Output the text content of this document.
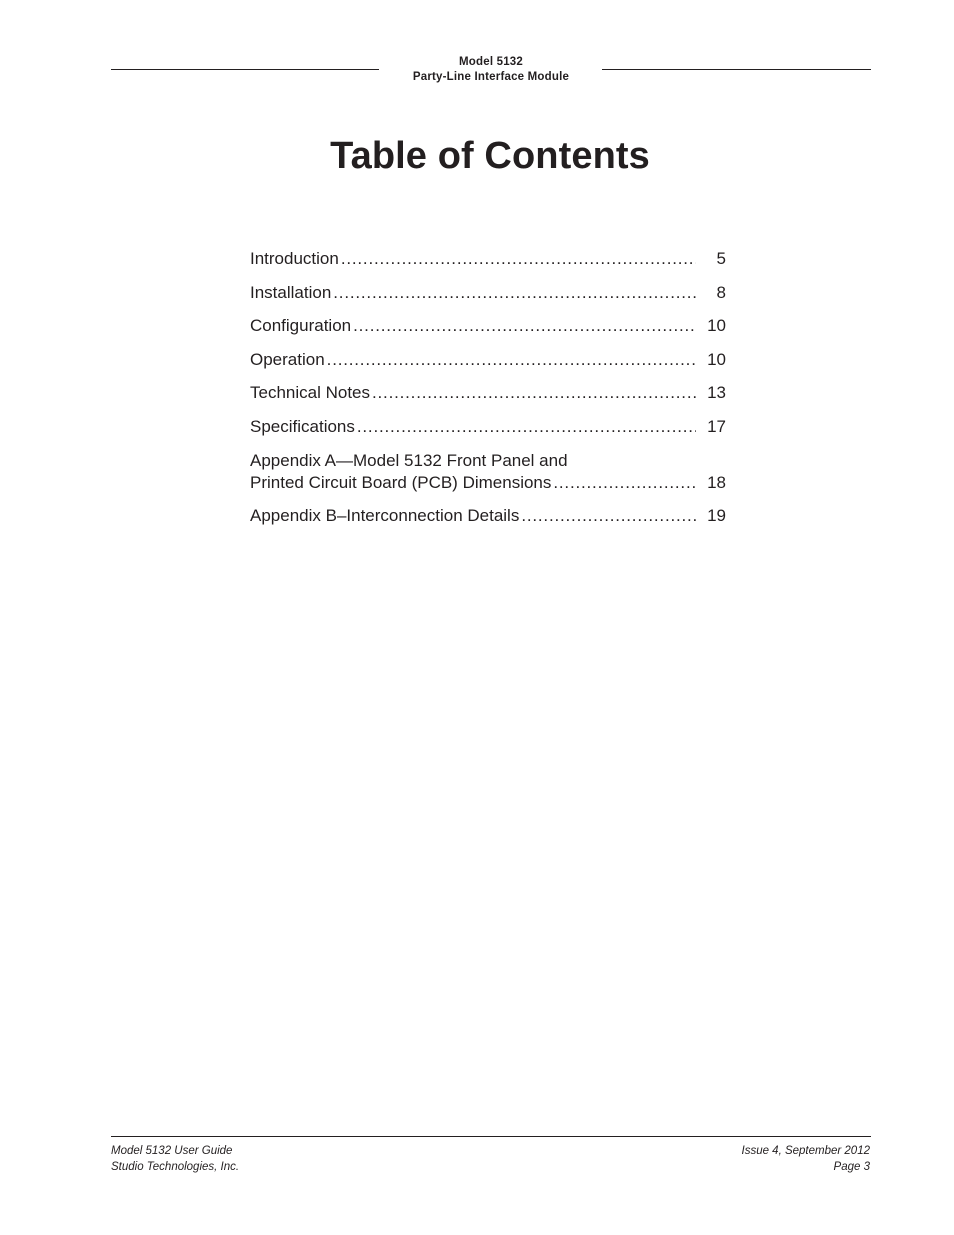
Model 5132
Party-Line Interface Module
Table of Contents
Introduction .....	5
Installation .....	8
Configuration .....	10
Operation .....	10
Technical Notes .....	13
Specifications .....	17
Appendix A—Model 5132 Front Panel and
Printed Circuit Board (PCB) Dimensions .....	18
Appendix B–Interconnection Details .....	19
Model 5132 User Guide
Studio Technologies, Inc.
Issue 4, September 2012
Page 3
